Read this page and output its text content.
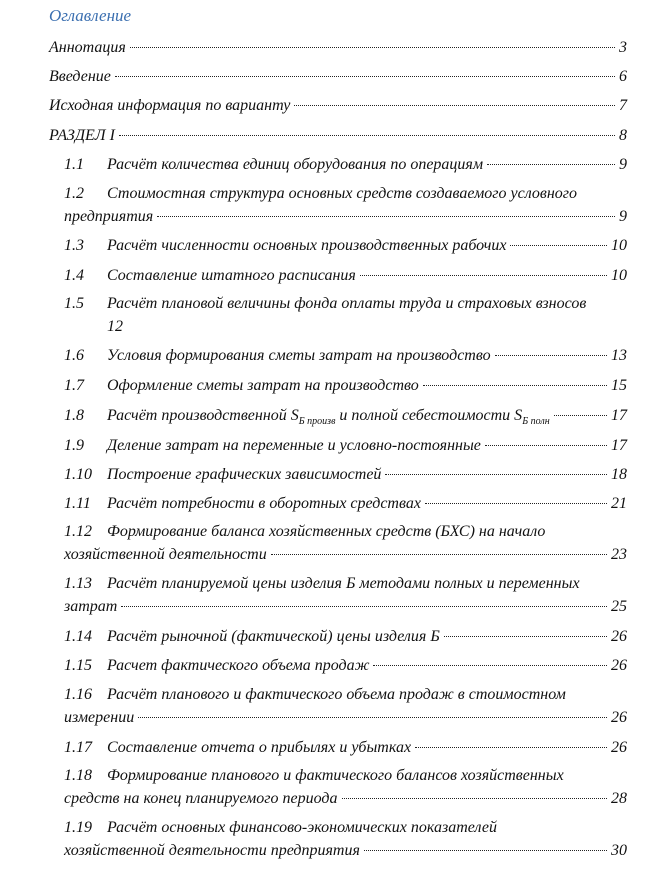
Оглавление
Аннотация	3
Введение	6
Исходная информация по варианту	7
РАЗДЕЛ I	8
1.1	Расчёт количества единиц оборудования по операциям	9
1.2	Стоимостная структура основных средств создаваемого условного
предприятия	9
1.3	Расчёт численности основных производственных рабочих	10
1.4	Составление штатного расписания	10
1.5	Расчёт плановой величины фонда оплаты труда и страховых взносов
12
1.6	Условия формирования сметы затрат на производство	13
1.7	Оформление сметы затрат на производство	15
1.8	Расчёт производственной $S_{Б произв}$ и полной себестоимости $S_{Б полн}$	17
1.9	Деление затрат на переменные и условно-постоянные	17
1.10 Построение графических зависимостей	18
1.11	Расчёт потребности в оборотных средствах	21
1.12 Формирование баланса хозяйственных средств (БХС) на начало
хозяйственной деятельности	23
1.13 Расчёт планируемой цены изделия Б методами полных и переменных
затрат	25
1.14 Расчёт рыночной (фактической) цены изделия Б	26
1.15 Расчет фактического объема продаж	26
1.16 Расчёт планового и фактического объема продаж в стоимостном
измерении	26
1.17 Составление отчета о прибылях и убытках	26
1.18 Формирование планового и фактического балансов хозяйственных
средств на конец планируемого периода	28
1.19 Расчёт основных финансово-экономических показателей
хозяйственной деятельности предприятия	30
